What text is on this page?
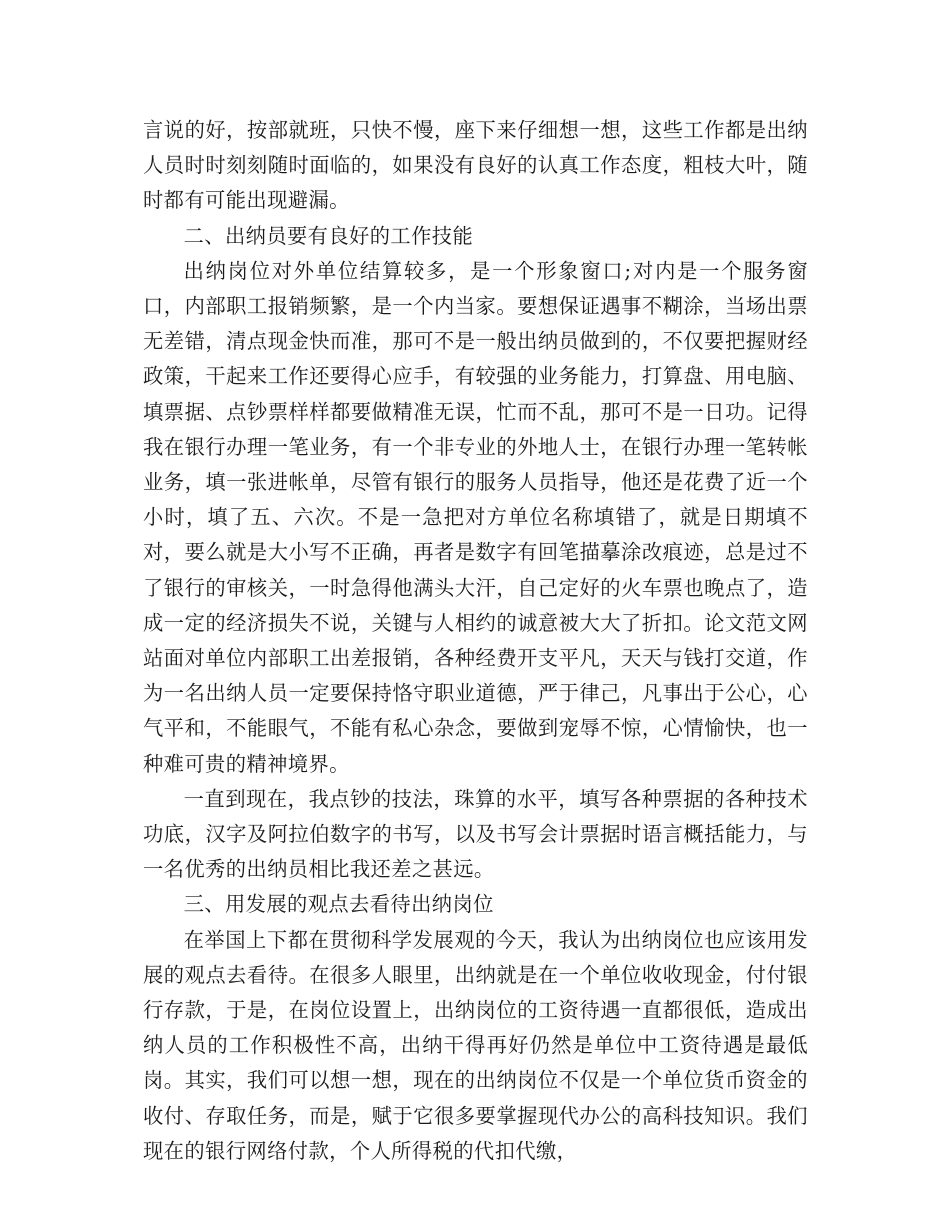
言说的好，按部就班，只快不慢，座下来仔细想一想，这些工作都是出纳人员时时刻刻随时面临的，如果没有良好的认真工作态度，粗枝大叶，随时都有可能出现避漏。

二、出纳员要有良好的工作技能

出纳岗位对外单位结算较多，是一个形象窗口;对内是一个服务窗口，内部职工报销频繁，是一个内当家。要想保证遇事不糊涂，当场出票无差错，清点现金快而准，那可不是一般出纳员做到的，不仅要把握财经政策，干起来工作还要得心应手，有较强的业务能力，打算盘、用电脑、填票据、点钞票样样都要做精准无误，忙而不乱，那可不是一日功。记得我在银行办理一笔业务，有一个非专业的外地人士，在银行办理一笔转帐业务，填一张进帐单，尽管有银行的服务人员指导，他还是花费了近一个小时，填了五、六次。不是一急把对方单位名称填错了，就是日期填不对，要么就是大小写不正确，再者是数字有回笔描摹涂改痕迹，总是过不了银行的审核关，一时急得他满头大汗，自己定好的火车票也晚点了，造成一定的经济损失不说，关键与人相约的诚意被大大了折扣。论文范文网站面对单位内部职工出差报销，各种经费开支平凡，天天与钱打交道，作为一名出纳人员一定要保持恪守职业道德，严于律己，凡事出于公心，心气平和，不能眼气，不能有私心杂念，要做到宠辱不惊，心情愉快，也一种难可贵的精神境界。

一直到现在，我点钞的技法，珠算的水平，填写各种票据的各种技术功底，汉字及阿拉伯数字的书写，以及书写会计票据时语言概括能力，与一名优秀的出纳员相比我还差之甚远。

三、用发展的观点去看待出纳岗位

在举国上下都在贯彻科学发展观的今天，我认为出纳岗位也应该用发展的观点去看待。在很多人眼里，出纳就是在一个单位收收现金，付付银行存款，于是，在岗位设置上，出纳岗位的工资待遇一直都很低，造成出纳人员的工作积极性不高，出纳干得再好仍然是单位中工资待遇是最低岗。其实，我们可以想一想，现在的出纳岗位不仅是一个单位货币资金的收付、存取任务，而是，赋于它很多要掌握现代办公的高科技知识。我们现在的银行网络付款，个人所得税的代扣代缴，
